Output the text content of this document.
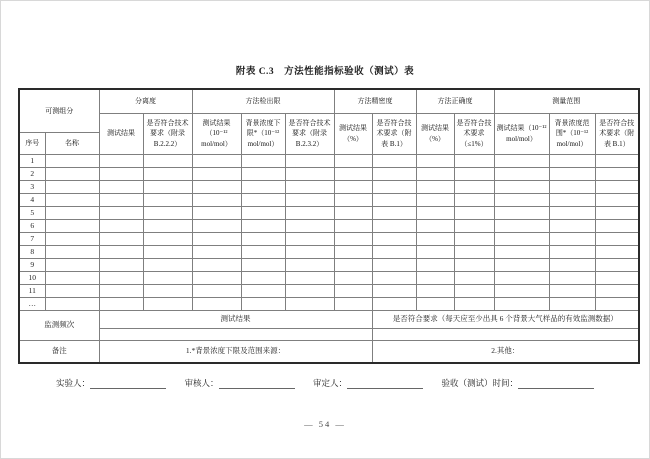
附表 C.3　方法性能指标验收（测试）表
可测组分		分离度		方法检出限			方法精密度		方法正确度		测量范围		
		测试结果	是否符合技术要求（附录 B.2.2.2）	测试结果（10⁻¹² mol/mol）	背景浓度下限*（10⁻¹² mol/mol）	是否符合技术要求（附录 B.2.3.2）	测试结果（%）	是否符合技术要求（附表 B.1）	测试结果（%）	是否符合技术要求（≤1%）	测试结果（10⁻¹² mol/mol）	背景浓度范围*（10⁻¹² mol/mol）	是否符合技术要求（附表 B.1）
序号	名称												
1													
2													
3													
4													
5													
6													
7													
8													
9													
10													
11													
…													
监测频次		测试结果						是否符合要求（每天应至少出具 6 个背景大气样品的有效监测数据）					

备注		1.*背景浓度下限及范围来源：						2.其他：					
实验人：	审核人：	审定人：	验收（测试）时间：
— 54 —
